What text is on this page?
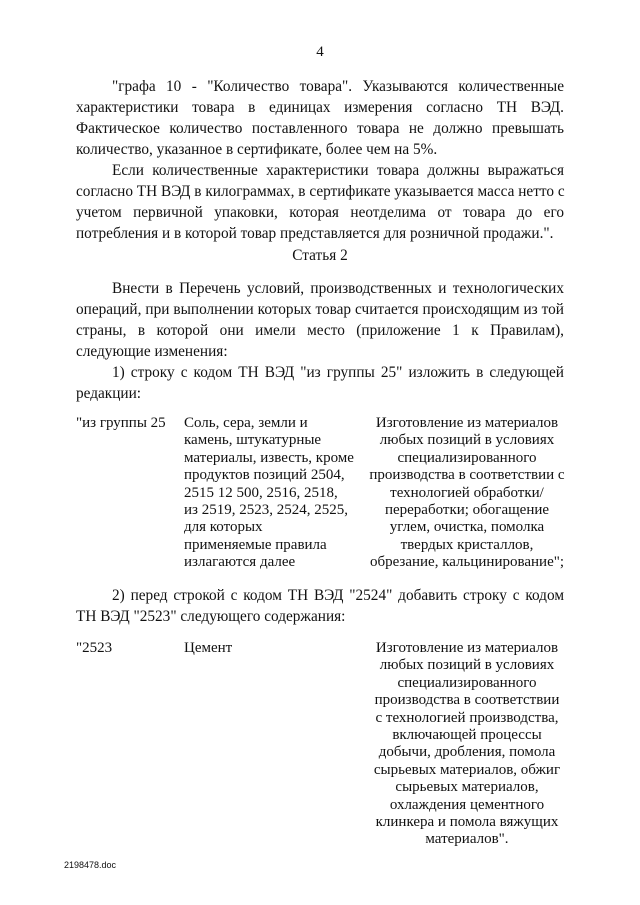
4
"графа 10 - "Количество товара". Указываются количественные
характеристики товара в единицах измерения согласно ТН ВЭД.
Фактическое количество поставленного товара не должно превышать
количество, указанное в сертификате, более чем на 5%.
Если количественные характеристики товара должны выражаться
согласно ТН ВЭД в килограммах, в сертификате указывается масса нетто с
учетом первичной упаковки, которая неотделима от товара до его
потребления и в которой товар представляется для розничной продажи.".
Статья 2
Внести в Перечень условий, производственных и технологических
операций, при выполнении которых товар считается происходящим из той
страны, в которой они имели место (приложение 1 к Правилам),
следующие изменения:
1) строку с кодом ТН ВЭД "из группы 25" изложить в следующей
редакции:
"из группы 25 Соль, сера, земли и
камень, штукатурные
материалы, известь, кроме
продуктов позиций 2504,
2515 12 500, 2516, 2518,
из 2519, 2523, 2524, 2525,
для которых
применяемые правила
излагаются далее
Изготовление из материалов
любых позиций в условиях
специализированного
производства в соответствии с
технологией обработки/
переработки; обогащение
углем, очистка, помолка
твердых кристаллов,
обрезание, кальцинирование";
2) перед строкой с кодом ТН ВЭД "2524" добавить строку с кодом
ТН ВЭД "2523" следующего содержания:
"2523	Цемент	Изготовление из материалов
любых позиций в условиях
специализированного
производства в соответствии
с технологией производства,
включающей процессы
добычи, дробления, помола
сырьевых материалов, обжиг
сырьевых материалов,
охлаждения цементного
клинкера и помола вяжущих
материалов".
2198478.doc
